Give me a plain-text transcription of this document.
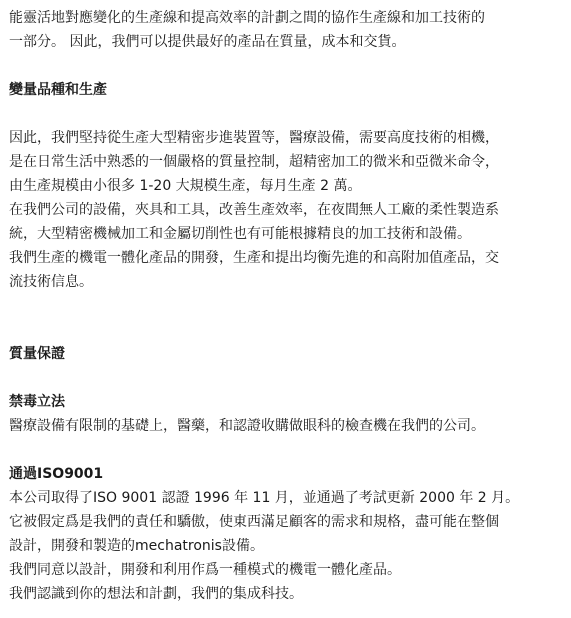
能靈活地對應變化的生產線和提高效率的計劃之間的協作生產線和加工技術的
一部分。 因此，我們可以提供最好的產品在質量，成本和交貨。
變量品種和生產
因此，我們堅持從生產大型精密步進裝置等，醫療設備，需要高度技術的相機，
是在日常生活中熟悉的一個嚴格的質量控制，超精密加工的微米和亞微米命令，
由生產規模由小很多 1-20 大規模生產，每月生產 2 萬。
在我們公司的設備，夾具和工具，改善生產效率，在夜間無人工廠的柔性製造系
統，大型精密機械加工和金屬切削性也有可能根據精良的加工技術和設備。
我們生產的機電一體化產品的開發，生產和提出均衡先進的和高附加值產品，交
流技術信息。
質量保證
禁毒立法
醫療設備有限制的基礎上，醫藥，和認證收購做眼科的檢查機在我們的公司。
通過ISO9001
本公司取得了ISO 9001 認證 1996 年 11 月，並通過了考試更新 2000 年 2 月。
它被假定爲是我們的責任和驕傲，使東西滿足顧客的需求和規格，盡可能在整個
設計，開發和製造的mechatronis設備。
我們同意以設計，開發和利用作爲一種模式的機電一體化產品。
我們認識到你的想法和計劃，我們的集成科技。
